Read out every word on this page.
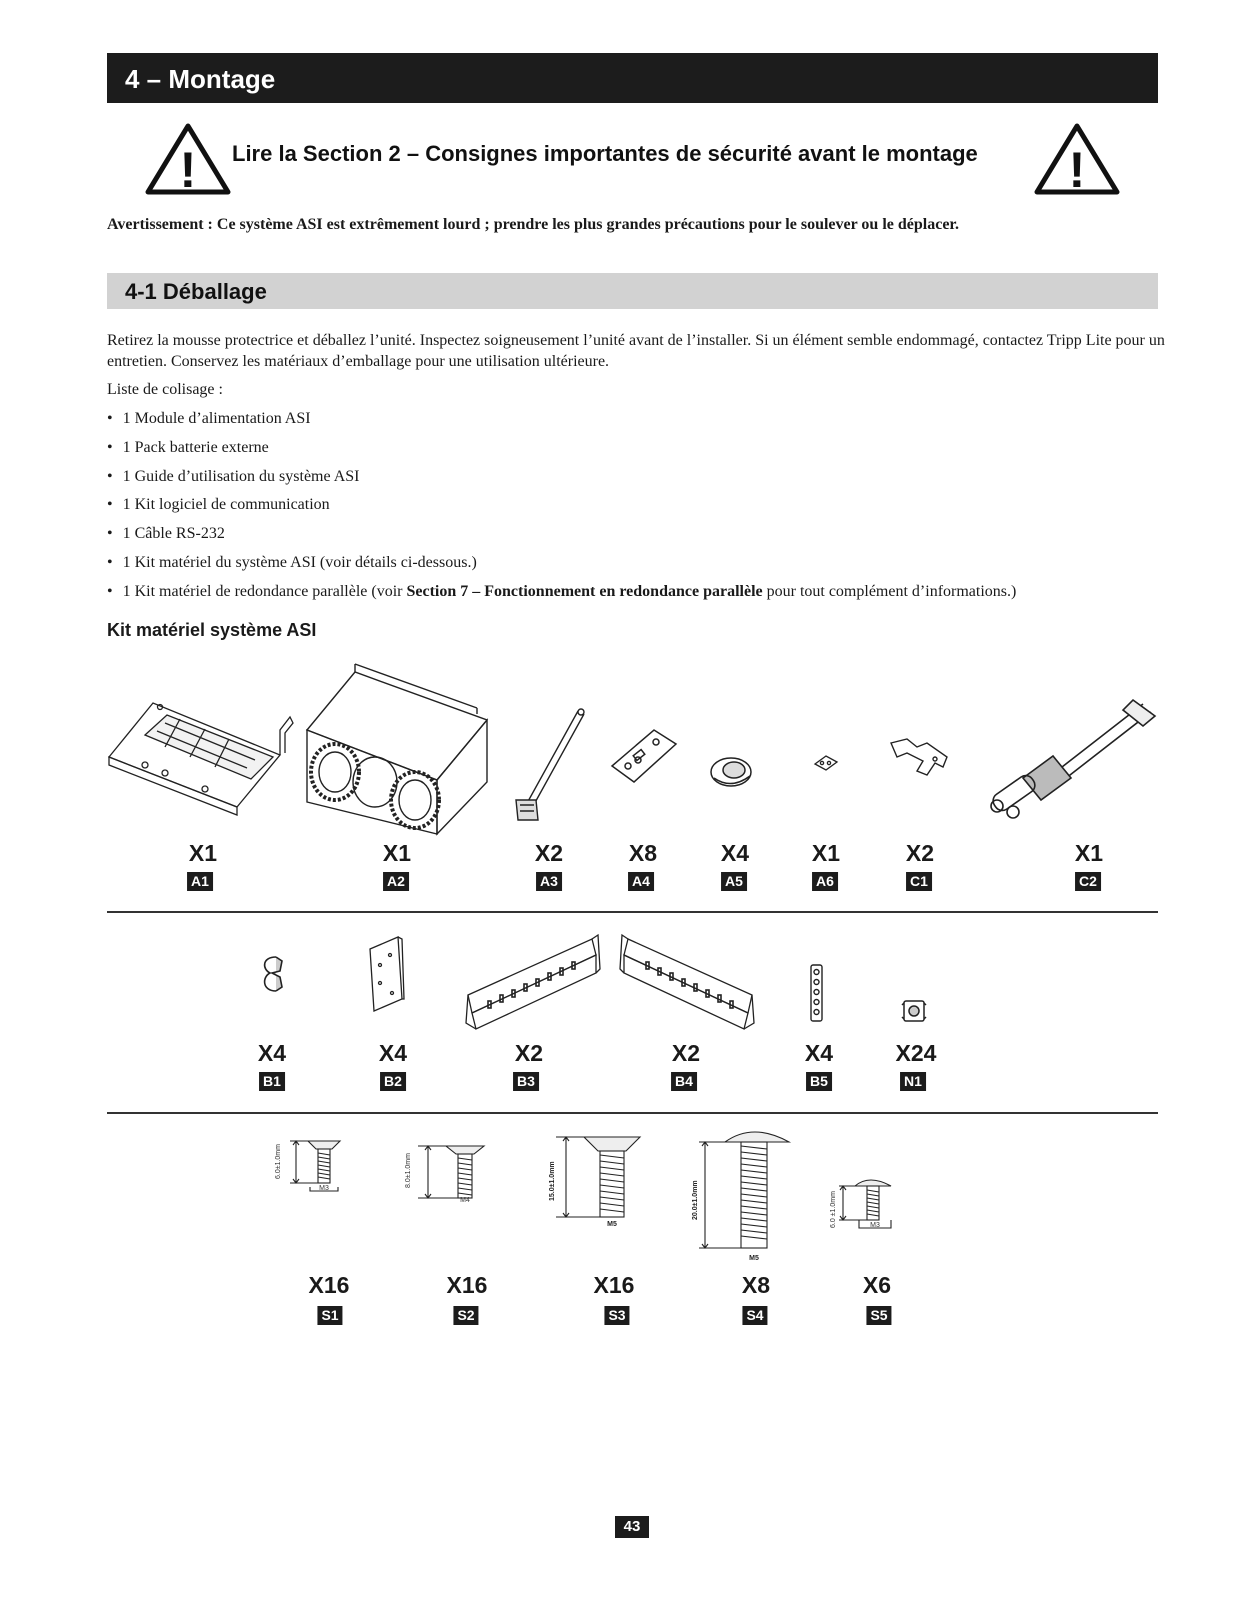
4 – Montage
! Lire la Section 2 – Consignes importantes de sécurité avant le montage !
Avertissement : Ce système ASI est extrêmement lourd ; prendre les plus grandes précautions pour le soulever ou le déplacer.
4-1 Déballage
Retirez la mousse protectrice et déballez l’unité. Inspectez soigneusement l’unité avant de l’installer. Si un élément semble endommagé, contactez Tripp Lite pour un entretien. Conservez les matériaux d’emballage pour une utilisation ultérieure.
Liste de colisage :
• 1 Module d’alimentation ASI
• 1 Pack batterie externe
• 1 Guide d’utilisation du système ASI
• 1 Kit logiciel de communication
• 1 Câble RS-232
• 1 Kit matériel du système ASI (voir détails ci-dessous.)
• 1 Kit matériel de redondance parallèle (voir Section 7 – Fonctionnement en redondance parallèle pour tout complément d’informations.)
Kit matériel système ASI
X1
A1
X1
A2
X2
A3
X8
A4
X4
A5
X1
A6
X2
C1
X1
C2
X4
B1
X4
B2
X2
B3
X2
B4
X4
B5
X24
N1
6.0±1.0mm
M3
8.0±1.0mm
M4	15.0±1.0mm
M5
20.0±1.0mm
M5
6.0 ±1.0mm	M3
X16
S1
X16
S2
X16
S3
X8
S4
X6
S5
43
